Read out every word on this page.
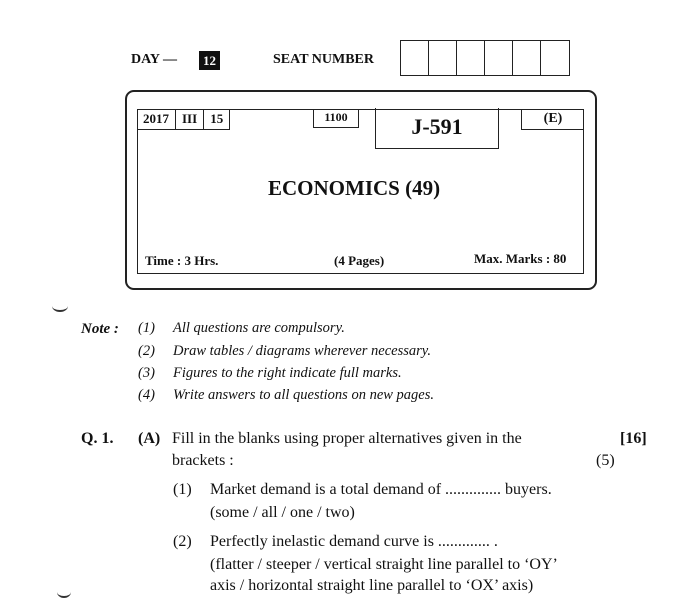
DAY —	12	SEAT NUMBER
2017	III	15	1100	J-591	(E)
ECONOMICS (49)
Time : 3 Hrs.	(4 Pages)	Max. Marks : 80
Note : (1) All questions are compulsory.
(2) Draw tables / diagrams wherever necessary.
(3) Figures to the right indicate full marks.
(4) Write answers to all questions on new pages.
Q. 1. (A) Fill in the blanks using proper alternatives given in the
brackets :
[16]
(5)
(1) Market demand is a total demand of .............. buyers.
(some / all / one / two)
(2) Perfectly inelastic demand curve is ............. .
(flatter / steeper / vertical straight line parallel to ‘OY’
axis / horizontal straight line parallel to ‘OX’ axis)
